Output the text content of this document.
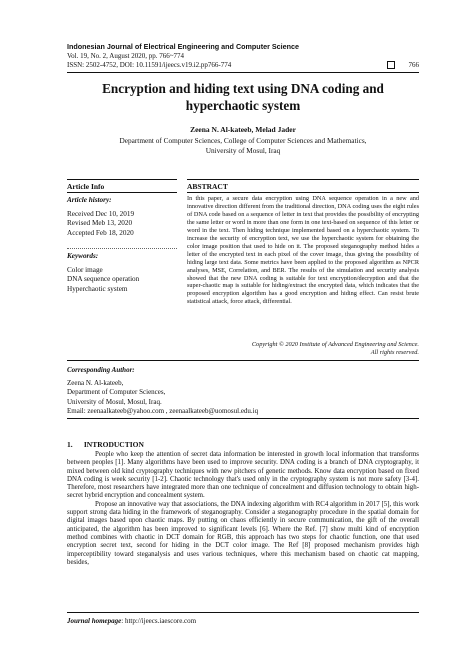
Indonesian Journal of Electrical Engineering and Computer Science
Vol. 19, No. 2, August 2020, pp. 766~774
ISSN: 2502-4752, DOI: 10.11591/ijeecs.v19.i2.pp766-774	766
Encryption and hiding text using DNA coding and
hyperchaotic system
Zeena N. Al-kateeb, Melad Jader
Department of Computer Sciences, College of Computer Sciences and Mathematics,
University of Mosul, Iraq
Article Info	ABSTRACT
Article history:
Received Dec 10, 2019
Revised Meb 13, 2020
Accepted Feb 18, 2020
Keywords:
Color image
DNA sequence operation
Hyperchaotic system
In this paper, a secure data encryption using DNA sequence operation in a new and innovative direction different from the traditional direction, DNA coding uses the eight rules of DNA code based on a sequence of letter in text that provides the possibility of encrypting the same letter or word in more than one form in one text-based on sequence of this letter or word in the text. Then hiding technique implemented based on a hyperchaotic system. To increase the security of encryption text, we use the hyperchaotic system for obtaining the color image position that used to hide on it. The proposed steganography method hides a letter of the encrypted text in each pixel of the cover image, thus giving the possibility of hiding large text data. Some metrics have been applied to the proposed algorithm as NPCR analyses, MSE, Correlation, and BER. The results of the simulation and security analysis showed that the new DNA coding is suitable for text encryption/decryption and that the super-chaotic map is suitable for hiding/extract the encrypted data, which indicates that the proposed encryption algorithm has a good encryption and hiding effect. Can resist brute statistical attack, force attack, differential.
Copyright © 2020 Institute of Advanced Engineering and Science.
All rights reserved.
Corresponding Author:
Zeena N. Al-kateeb,
Department of Computer Sciences,
University of Mosul, Mosul, Iraq.
Email: zeenaalkateeb@yahoo.com , zeenaalkateeb@uomosul.edu.iq
1.      INTRODUCTION

People who keep the attention of secret data information be interested in growth local information that transforms between peoples [1]. Many algorithms have been used to improve security. DNA coding is a branch of DNA cryptography, it mixed between old kind cryptography techniques with new pitchers of genetic methods. Know data encryption based on fixed DNA coding is week security [1-2]. Chaotic technology that's used only in the cryptography system is not more safety [3-4]. Therefore, most researchers have integrated more than one technique of concealment and diffusion technology to obtain high-secret hybrid encryption and concealment system.

Propose an innovative way that associations, the DNA indexing algorithm with RC4 algorithm in 2017 [5], this work support strong data hiding in the framework of steganography. Consider a steganography procedure in the spatial domain for digital images based upon chaotic maps. By putting on chaos efficiently in secure communication, the gift of the overall anticipated, the algorithm has been improved to significant levels [6]. Where the Ref. [7] show multi kind of encryption method combines with chaotic in DCT domain for RGB, this approach has two steps for chaotic function, one that used encryption secret text, second for hiding in the DCT color image. The Ref [8] proposed mechanism provides high imperceptibility toward steganalysis and uses various techniques, where this mechanism based on chaotic cat mapping, besides,

Journal homepage: http://ijeecs.iaescore.com
